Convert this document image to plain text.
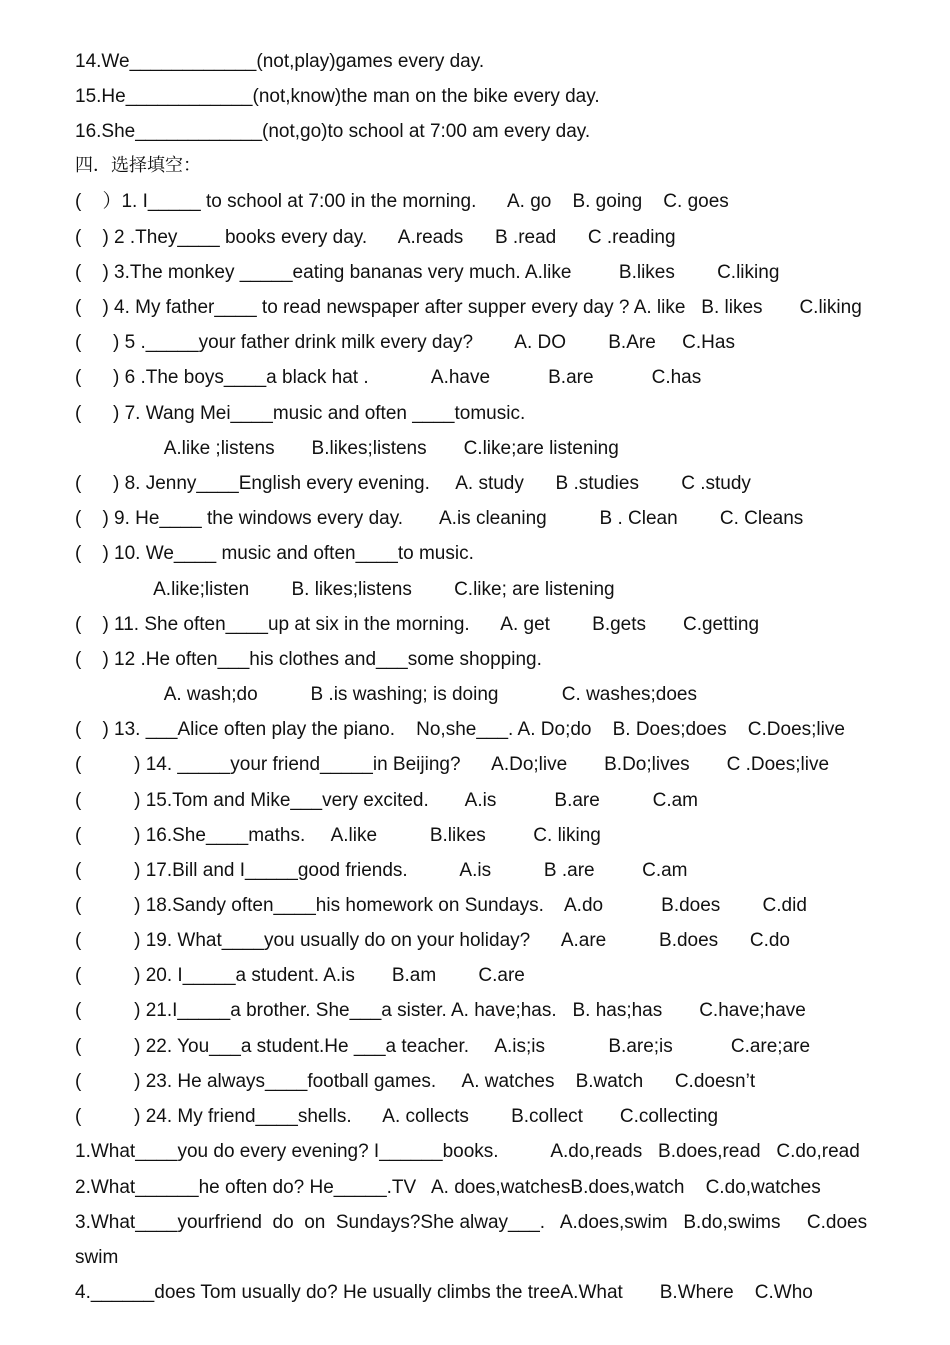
14.We____________(not,play)games every day.
15.He____________(not,know)the man on the bike every day.
16.She____________(not,go)to school at 7:00 am every day.
四．选择填空：
(    ）1. I_____ to school at 7:00 in the morning.      A. go    B. going    C. goes
(    ) 2 .They____ books every day.      A.reads      B .read      C .reading
(    ) 3.The monkey _____eating bananas very much. A.like         B.likes        C.liking
(    ) 4. My father____ to read newspaper after supper every day ? A. like   B. likes       C.liking
(      ) 5 ._____your father drink milk every day?        A. DO        B.Are     C.Has
(      ) 6 .The boys____a black hat .            A.have           B.are           C.has
(      ) 7. Wang Mei____music and often ____tomusic.
A.like ;listens       B.likes;listens       C.like;are listening
(      ) 8. Jenny____English every evening.     A. study      B .studies        C .study
(    ) 9. He____ the windows every day.       A.is cleaning          B . Clean        C. Cleans
(    ) 10. We____ music and often____to music.
A.like;listen        B. likes;listens        C.like; are listening
(    ) 11. She often____up at six in the morning.      A. get        B.gets       C.getting
(    ) 12 .He often___his clothes and___some shopping.
A. wash;do          B .is washing; is doing            C. washes;does
(    ) 13. ___Alice often play the piano.    No,she___. A. Do;do    B. Does;does    C.Does;live
(          ) 14. _____your friend_____in Beijing?      A.Do;live       B.Do;lives       C .Does;live
(          ) 15.Tom and Mike___very excited.       A.is           B.are          C.am
(          ) 16.She____maths.     A.like          B.likes         C. liking
(          ) 17.Bill and I_____good friends.          A.is          B .are         C.am
(          ) 18.Sandy often____his homework on Sundays.    A.do           B.does        C.did
(          ) 19. What____you usually do on your holiday?      A.are          B.does      C.do
(          ) 20. I_____a student. A.is       B.am        C.are
(          ) 21.I_____a brother. She___a sister. A. have;has.   B. has;has       C.have;have
(          ) 22. You___a student.He ___a teacher.     A.is;is            B.are;is           C.are;are
(          ) 23. He always____football games.     A. watches    B.watch      C.doesn’t
(          ) 24. My friend____shells.      A. collects        B.collect       C.collecting
1.What____you do every evening? I______books.          A.do,reads   B.does,read   C.do,read
2.What______he often do? He_____.TV   A. does,watchesB.does,watch    C.do,watches
3.What____yourfriend  do  on  Sundays?She alway___.   A.does,swim   B.do,swims     C.does
swim
4.______does Tom usually do? He usually climbs the treeA.What       B.Where    C.Who
